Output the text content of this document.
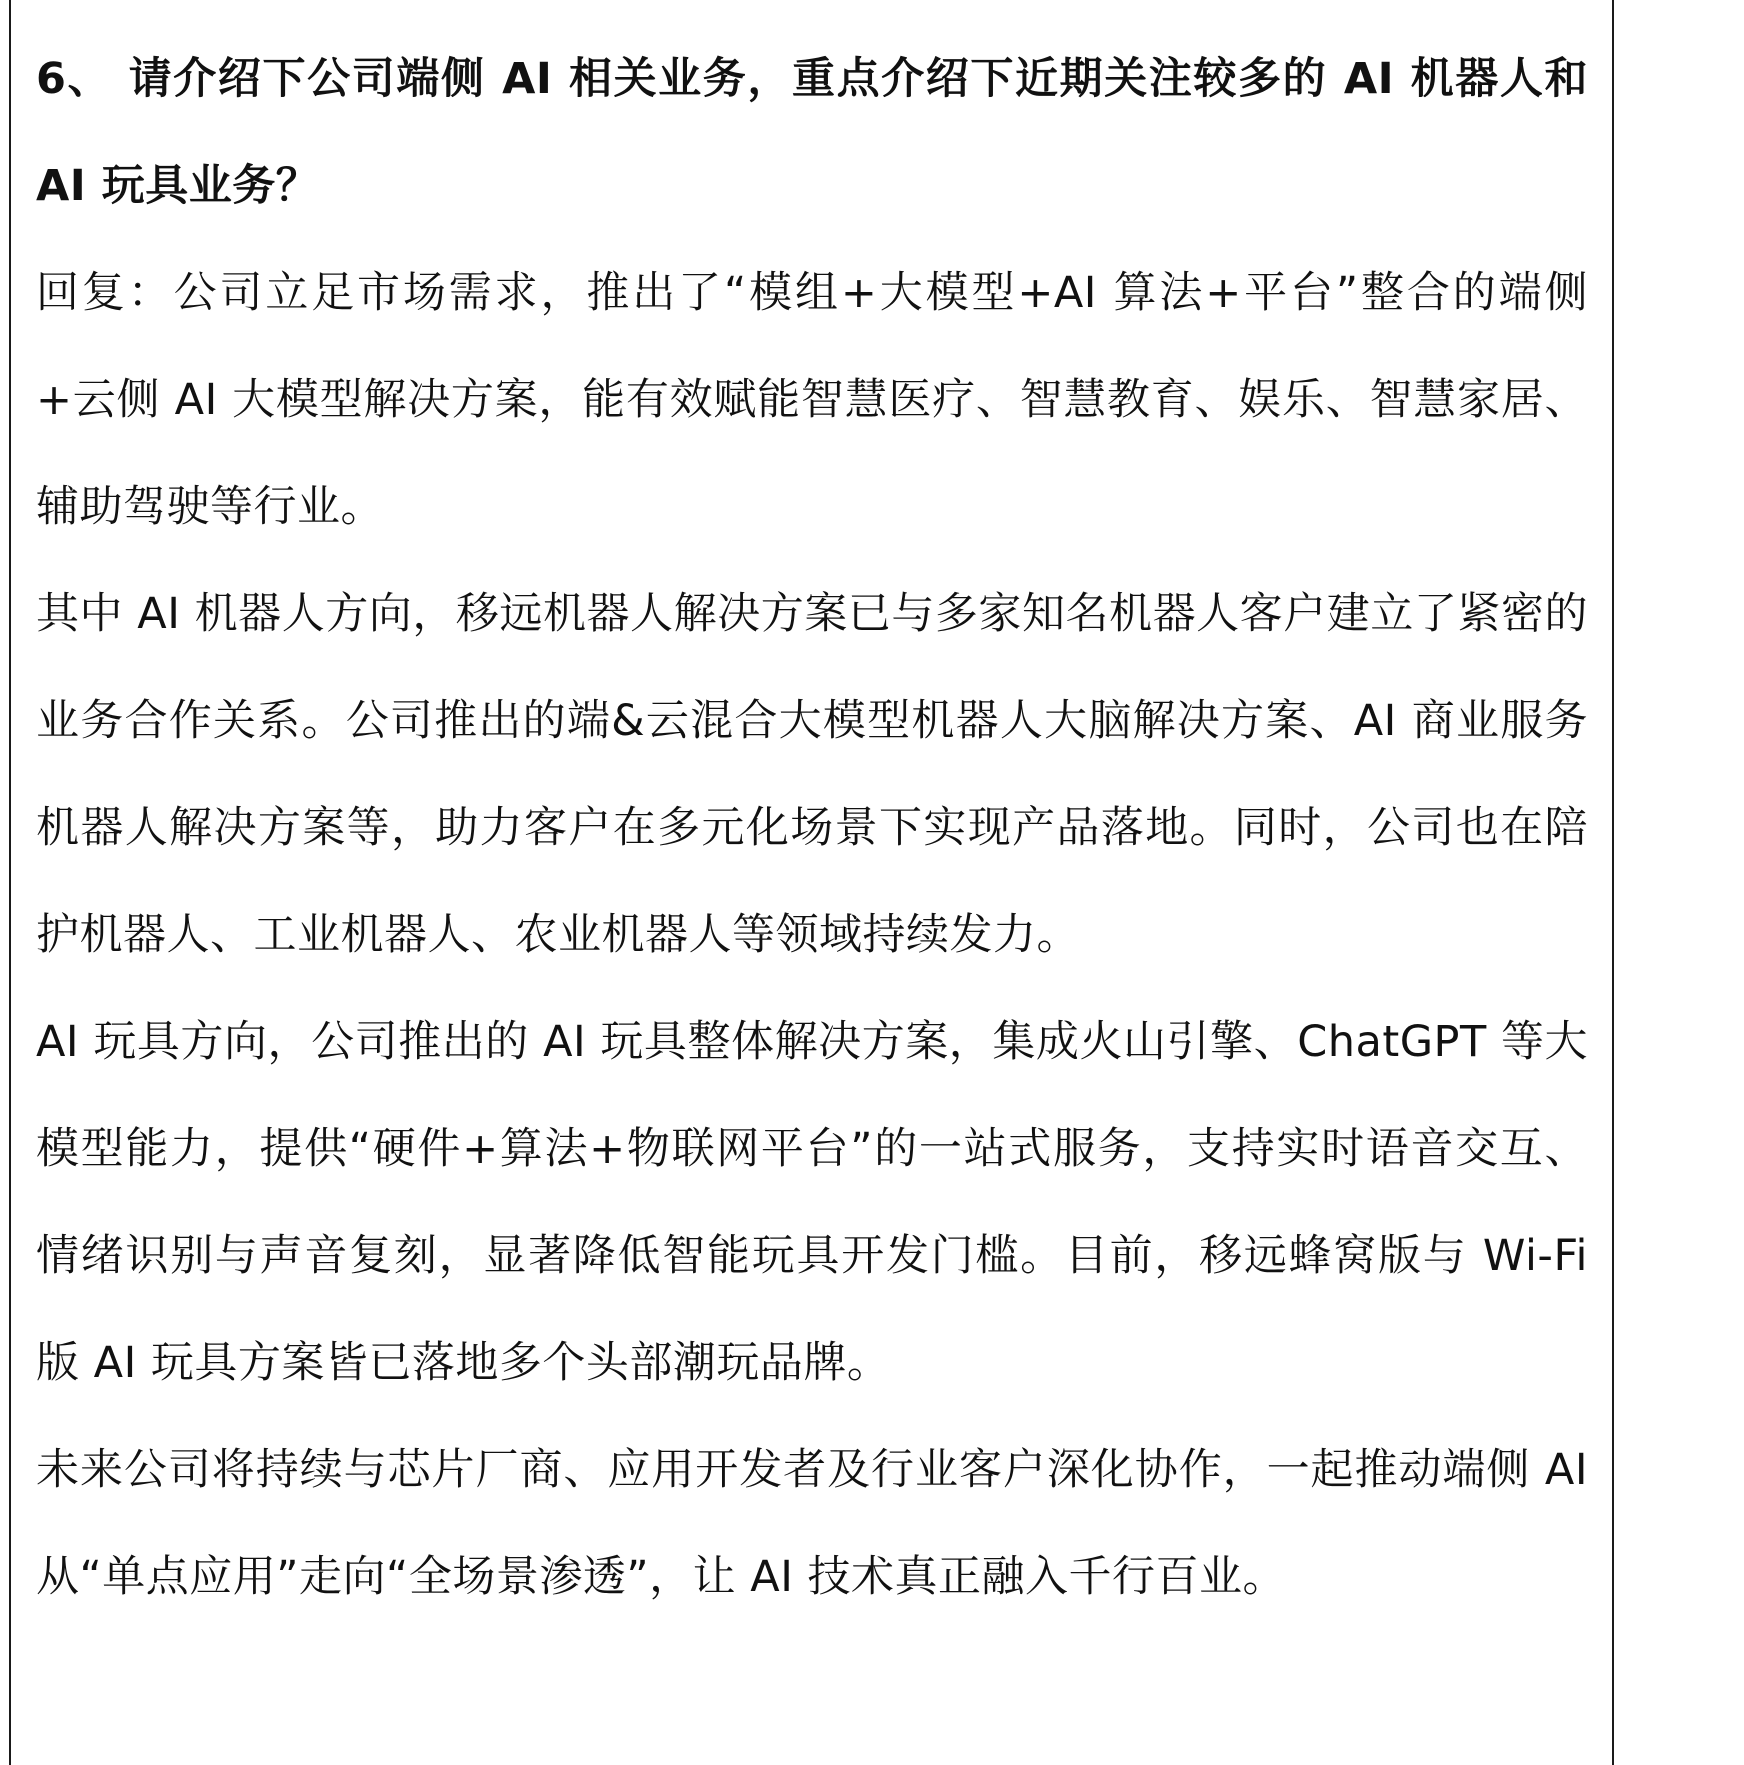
6、 请介绍下公司端侧 AI 相关业务，重点介绍下近期关注较多的 AI 机器人和 AI 玩具业务？

回复：公司立足市场需求，推出了“模组+大模型+AI 算法+平台”整合的端侧+云侧 AI 大模型解决方案，能有效赋能智慧医疗、智慧教育、娱乐、智慧家居、辅助驾驶等行业。

其中 AI 机器人方向，移远机器人解决方案已与多家知名机器人客户建立了紧密的业务合作关系。公司推出的端&云混合大模型机器人大脑解决方案、AI 商业服务机器人解决方案等，助力客户在多元化场景下实现产品落地。同时，公司也在陪护机器人、工业机器人、农业机器人等领域持续发力。

AI 玩具方向，公司推出的 AI 玩具整体解决方案，集成火山引擎、ChatGPT 等大模型能力，提供“硬件+算法+物联网平台”的一站式服务，支持实时语音交互、情绪识别与声音复刻，显著降低智能玩具开发门槛。目前，移远蜂窝版与 Wi-Fi 版 AI 玩具方案皆已落地多个头部潮玩品牌。

未来公司将持续与芯片厂商、应用开发者及行业客户深化协作，一起推动端侧 AI 从“单点应用”走向“全场景渗透”，让 AI 技术真正融入千行百业。
